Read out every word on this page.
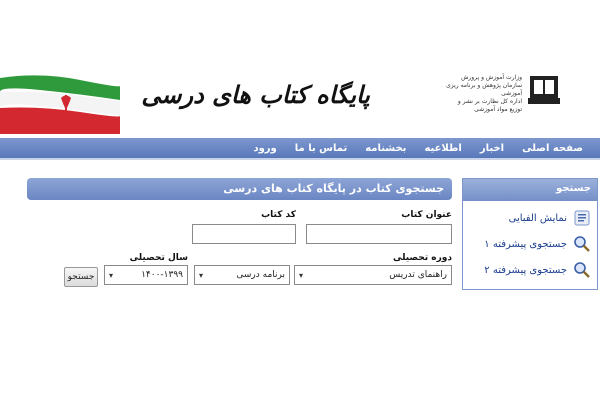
پایگاه کتاب های درسی
وزارت آموزش و پرورش
سازمان پژوهش و برنامه ریزی آموزشی
اداره کل نظارت بر نشر و توزیع مواد آموزشی
صفحه اصلی
اخبار
اطلاعیه
بخشنامه
تماس با ما
ورود
جستجو
نمایش الفبایی
جستجوی پیشرفته ۱
جستجوی پیشرفته ۲
جستجوی کتاب در پایگاه کتاب های درسی
عنوان کتاب
کد کتاب
دوره تحصیلی
راهنمای تدریس
▾
برنامه درسی
▾
سال تحصیلی
۱۴۰۰-۱۳۹۹
▾
جستجو
